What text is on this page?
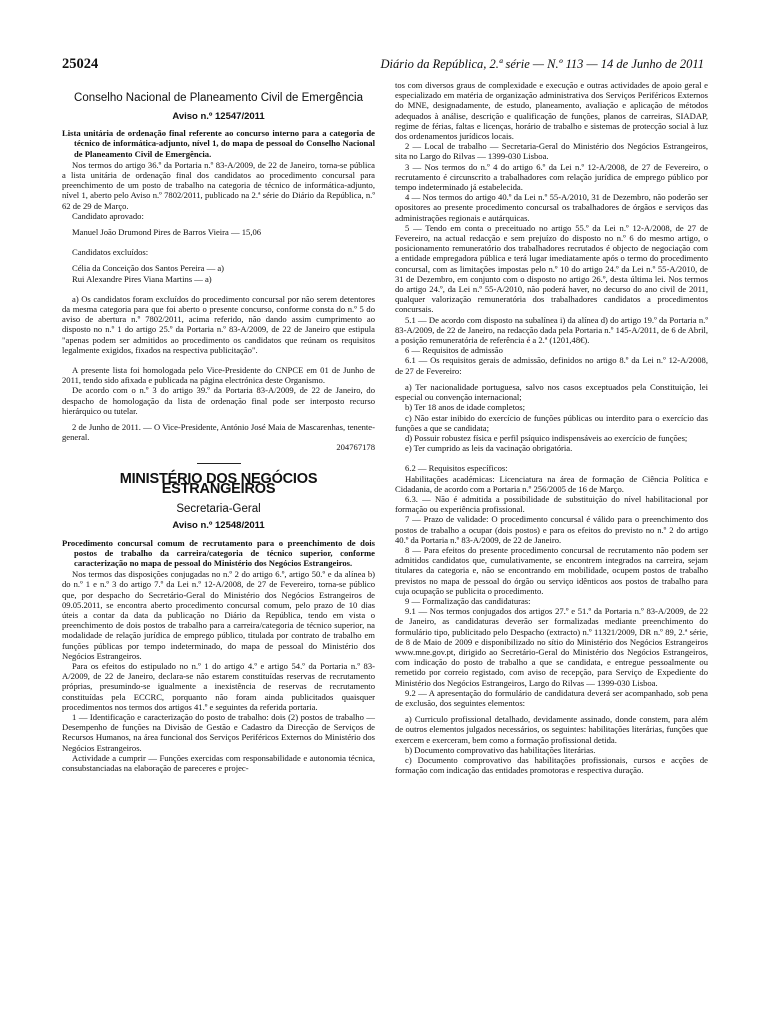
25024	Diário da República, 2.ª série — N.º 113 — 14 de Junho de 2011

Conselho Nacional de Planeamento Civil de Emergência

Aviso n.º 12547/2011

Lista unitária de ordenação final referente ao concurso interno para a categoria de técnico de informática-adjunto, nível 1, do mapa de pessoal do Conselho Nacional de Planeamento Civil de Emergência.

Nos termos do artigo 36.º da Portaria n.º 83-A/2009, de 22 de Janeiro, torna-se pública a lista unitária de ordenação final dos candidatos ao procedimento concursal para preenchimento de um posto de trabalho na categoria de técnico de informática-adjunto, nível 1, aberto pelo Aviso n.º 7802/2011, publicado na 2.ª série do Diário da República, n.º 62 de 29 de Março.

Candidato aprovado:

Manuel João Drumond Pires de Barros Vieira — 15,06

Candidatos excluídos:

Célia da Conceição dos Santos Pereira — a)

Rui Alexandre Pires Viana Martins — a)

a) Os candidatos foram excluídos do procedimento concursal por não serem detentores da mesma categoria para que foi aberto o presente concurso, conforme consta do n.º 5 do aviso de abertura n.º 7802/2011, acima referido, não dando assim cumprimento ao disposto no n.º 1 do artigo 25.º da Portaria n.º 83-A/2009, de 22 de Janeiro que estipula "apenas podem ser admitidos ao procedimento os candidatos que reúnam os requisitos legalmente exigidos, fixados na respectiva publicitação".

A presente lista foi homologada pelo Vice-Presidente do CNPCE em 01 de Junho de 2011, tendo sido afixada e publicada na página electrónica deste Organismo.

De acordo com o n.º 3 do artigo 39.º da Portaria 83-A/2009, de 22 de Janeiro, do despacho de homologação da lista de ordenação final pode ser interposto recurso hierárquico ou tutelar.

2 de Junho de 2011. — O Vice-Presidente, António José Maia de Mascarenhas, tenente-general.

204767178

MINISTÉRIO DOS NEGÓCIOS ESTRANGEIROS

Secretaria-Geral

Aviso n.º 12548/2011

Procedimento concursal comum de recrutamento para o preenchimento de dois postos de trabalho da carreira/categoria de técnico superior, conforme caracterização no mapa de pessoal do Ministério dos Negócios Estrangeiros.

Nos termos das disposições conjugadas no n.º 2 do artigo 6.º, artigo 50.º e da alínea b) do n.º 1 e n.º 3 do artigo 7.º da Lei n.º 12-A/2008, de 27 de Fevereiro, torna-se público que, por despacho do Secretário-Geral do Ministério dos Negócios Estrangeiros de 09.05.2011, se encontra aberto procedimento concursal comum, pelo prazo de 10 dias úteis a contar da data da publicação no Diário da República, tendo em vista o preenchimento de dois postos de trabalho para a carreira/categoria de técnico superior, na modalidade de relação jurídica de emprego público, titulada por contrato de trabalho em funções públicas por tempo indeterminado, do mapa de pessoal do Ministério dos Negócios Estrangeiros.

Para os efeitos do estipulado no n.º 1 do artigo 4.º e artigo 54.º da Portaria n.º 83-A/2009, de 22 de Janeiro, declara-se não estarem constituídas reservas de recrutamento próprias, presumindo-se igualmente a inexistência de reservas de recrutamento constituídas pela ECCRC, porquanto não foram ainda publicitados quaisquer procedimentos nos termos dos artigos 41.º e seguintes da referida portaria.

1 — Identificação e caracterização do posto de trabalho: dois (2) postos de trabalho — Desempenho de funções na Divisão de Gestão e Cadastro da Direcção de Serviços de Recursos Humanos, na área funcional dos Serviços Periféricos Externos do Ministério dos Negócios Estrangeiros.

Actividade a cumprir — Funções exercidas com responsabilidade e autonomia técnica, consubstanciadas na elaboração de pareceres e projec-

tos com diversos graus de complexidade e execução e outras actividades de apoio geral e especializado em matéria de organização administrativa dos Serviços Periféricos Externos do MNE, designadamente, de estudo, planeamento, avaliação e aplicação de métodos adequados à análise, descrição e qualificação de funções, planos de carreiras, SIADAP, regime de férias, faltas e licenças, horário de trabalho e sistemas de protecção social à luz dos ordenamentos jurídicos locais.

2 — Local de trabalho — Secretaria-Geral do Ministério dos Negócios Estrangeiros, sita no Largo do Rilvas — 1399-030 Lisboa.

3 — Nos termos do n.º 4 do artigo 6.º da Lei n.º 12-A/2008, de 27 de Fevereiro, o recrutamento é circunscrito a trabalhadores com relação jurídica de emprego público por tempo indeterminado já estabelecida.

4 — Nos termos do artigo 40.º da Lei n.º 55-A/2010, 31 de Dezembro, não poderão ser opositores ao presente procedimento concursal os trabalhadores de órgãos e serviços das administrações regionais e autárquicas.

5 — Tendo em conta o preceituado no artigo 55.º da Lei n.º 12-A/2008, de 27 de Fevereiro, na actual redacção e sem prejuízo do disposto no n.º 6 do mesmo artigo, o posicionamento remuneratório dos trabalhadores recrutados é objecto de negociação com a entidade empregadora pública e terá lugar imediatamente após o termo do procedimento concursal, com as limitações impostas pelo n.º 10 do artigo 24.º da Lei n.º 55-A/2010, de 31 de Dezembro, em conjunto com o disposto no artigo 26.º, desta última lei. Nos termos do artigo 24.º, da Lei n.º 55-A/2010, não poderá haver, no decurso do ano civil de 2011, qualquer valorização remuneratória dos trabalhadores candidatos a procedimentos concursais.

5.1 — De acordo com disposto na subalínea i) da alínea d) do artigo 19.º da Portaria n.º 83-A/2009, de 22 de Janeiro, na redacção dada pela Portaria n.º 145-A/2011, de 6 de Abril, a posição remuneratória de referência é a 2.ª (1201,48€).

6 — Requisitos de admissão

6.1 — Os requisitos gerais de admissão, definidos no artigo 8.º da Lei n.º 12-A/2008, de 27 de Fevereiro:

a) Ter nacionalidade portuguesa, salvo nos casos exceptuados pela Constituição, lei especial ou convenção internacional;

b) Ter 18 anos de idade completos;

c) Não estar inibido do exercício de funções públicas ou interdito para o exercício das funções a que se candidata;

d) Possuir robustez física e perfil psíquico indispensáveis ao exercício de funções;

e) Ter cumprido as leis da vacinação obrigatória.

6.2 — Requisitos específicos:

Habilitações académicas: Licenciatura na área de formação de Ciência Política e Cidadania, de acordo com a Portaria n.º 256/2005 de 16 de Março.

6.3. — Não é admitida a possibilidade de substituição do nível habilitacional por formação ou experiência profissional.

7 — Prazo de validade: O procedimento concursal é válido para o preenchimento dos postos de trabalho a ocupar (dois postos) e para os efeitos do previsto no n.º 2 do artigo 40.º da Portaria n.º 83-A/2009, de 22 de Janeiro.

8 — Para efeitos do presente procedimento concursal de recrutamento não podem ser admitidos candidatos que, cumulativamente, se encontrem integrados na carreira, sejam titulares da categoria e, não se encontrando em mobilidade, ocupem postos de trabalho previstos no mapa de pessoal do órgão ou serviço idênticos aos postos de trabalho para cuja ocupação se publicita o procedimento.

9 — Formalização das candidaturas:

9.1 — Nos termos conjugados dos artigos 27.º e 51.º da Portaria n.º 83-A/2009, de 22 de Janeiro, as candidaturas deverão ser formalizadas mediante preenchimento do formulário tipo, publicitado pelo Despacho (extracto) n.º 11321/2009, DR n.º 89, 2.ª série, de 8 de Maio de 2009 e disponibilizado no sítio do Ministério dos Negócios Estrangeiros www.mne.gov.pt, dirigido ao Secretário-Geral do Ministério dos Negócios Estrangeiros, com indicação do posto de trabalho a que se candidata, e entregue pessoalmente ou remetido por correio registado, com aviso de recepção, para Serviço de Expediente do Ministério dos Negócios Estrangeiros, Largo do Rilvas — 1399-030 Lisboa.

9.2 — A apresentação do formulário de candidatura deverá ser acompanhado, sob pena de exclusão, dos seguintes elementos:

a) Curriculo profissional detalhado, devidamente assinado, donde constem, para além de outros elementos julgados necessários, os seguintes: habilitações literárias, funções que exercem e exerceram, bem como a formação profissional detida.

b) Documento comprovativo das habilitações literárias.

c) Documento comprovativo das habilitações profissionais, cursos e acções de formação com indicação das entidades promotoras e respectiva duração.
